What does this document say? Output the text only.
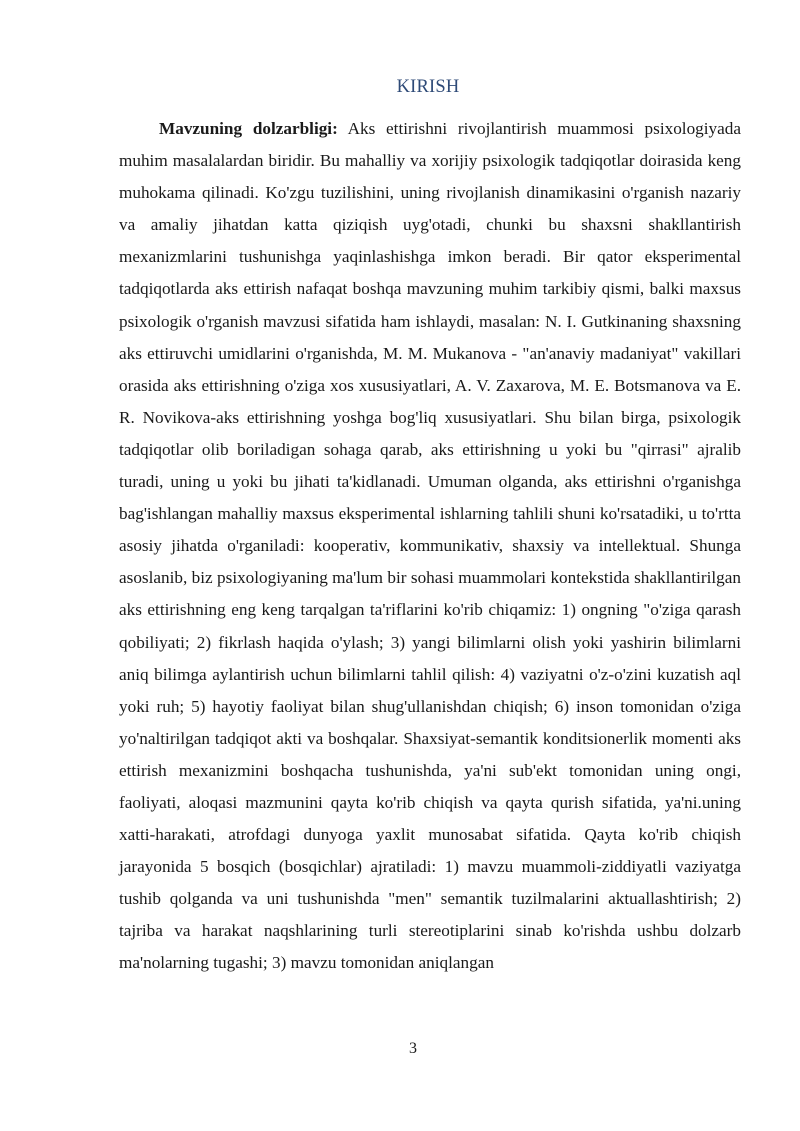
KIRISH

Mavzuning dolzarbligi: Aks ettirishni rivojlantirish muammosi psixologiyada muhim masalalardan biridir. Bu mahalliy va xorijiy psixologik tadqiqotlar doirasida keng muhokama qilinadi. Ko'zgu tuzilishini, uning rivojlanish dinamikasini o'rganish nazariy va amaliy jihatdan katta qiziqish uyg'otadi, chunki bu shaxsni shakllantirish mexanizmlarini tushunishga yaqinlashishga imkon beradi. Bir qator eksperimental tadqiqotlarda aks ettirish nafaqat boshqa mavzuning muhim tarkibiy qismi, balki maxsus psixologik o'rganish mavzusi sifatida ham ishlaydi, masalan: N. I. Gutkinaning shaxsning aks ettiruvchi umidlarini o'rganishda, M. M. Mukanova - "an'anaviy madaniyat" vakillari orasida aks ettirishning o'ziga xos xususiyatlari, A. V. Zaxarova, M. E. Botsmanova va E. R. Novikova-aks ettirishning yoshga bog'liq xususiyatlari. Shu bilan birga, psixologik tadqiqotlar olib boriladigan sohaga qarab, aks ettirishning u yoki bu "qirrasi" ajralib turadi, uning u yoki bu jihati ta'kidlanadi. Umuman olganda, aks ettirishni o'rganishga bag'ishlangan mahalliy maxsus eksperimental ishlarning tahlili shuni ko'rsatadiki, u to'rtta asosiy jihatda o'rganiladi: kooperativ, kommunikativ, shaxsiy va intellektual. Shunga asoslanib, biz psixologiyaning ma'lum bir sohasi muammolari kontekstida shakllantirilgan aks ettirishning eng keng tarqalgan ta'riflarini ko'rib chiqamiz: 1) ongning "o'ziga qarash qobiliyati; 2) fikrlash haqida o'ylash; 3) yangi bilimlarni olish yoki yashirin bilimlarni aniq bilimga aylantirish uchun bilimlarni tahlil qilish: 4) vaziyatni o'z-o'zini kuzatish aql yoki ruh; 5) hayotiy faoliyat bilan shug'ullanishdan chiqish; 6) inson tomonidan o'ziga yo'naltirilgan tadqiqot akti va boshqalar. Shaxsiyat-semantik konditsionerlik momenti aks ettirish mexanizmini boshqacha tushunishda, ya'ni sub'ekt tomonidan uning ongi, faoliyati, aloqasi mazmunini qayta ko'rib chiqish va qayta qurish sifatida, ya'ni.uning xatti-harakati, atrofdagi dunyoga yaxlit munosabat sifatida. Qayta ko'rib chiqish jarayonida 5 bosqich (bosqichlar) ajratiladi: 1) mavzu muammoli-ziddiyatli vaziyatga tushib qolganda va uni tushunishda "men" semantik tuzilmalarini aktuallashtirish; 2) tajriba va harakat naqshlarining turli stereotiplarini sinab ko'rishda ushbu dolzarb ma'nolarning tugashi; 3) mavzu tomonidan aniqlangan

3
